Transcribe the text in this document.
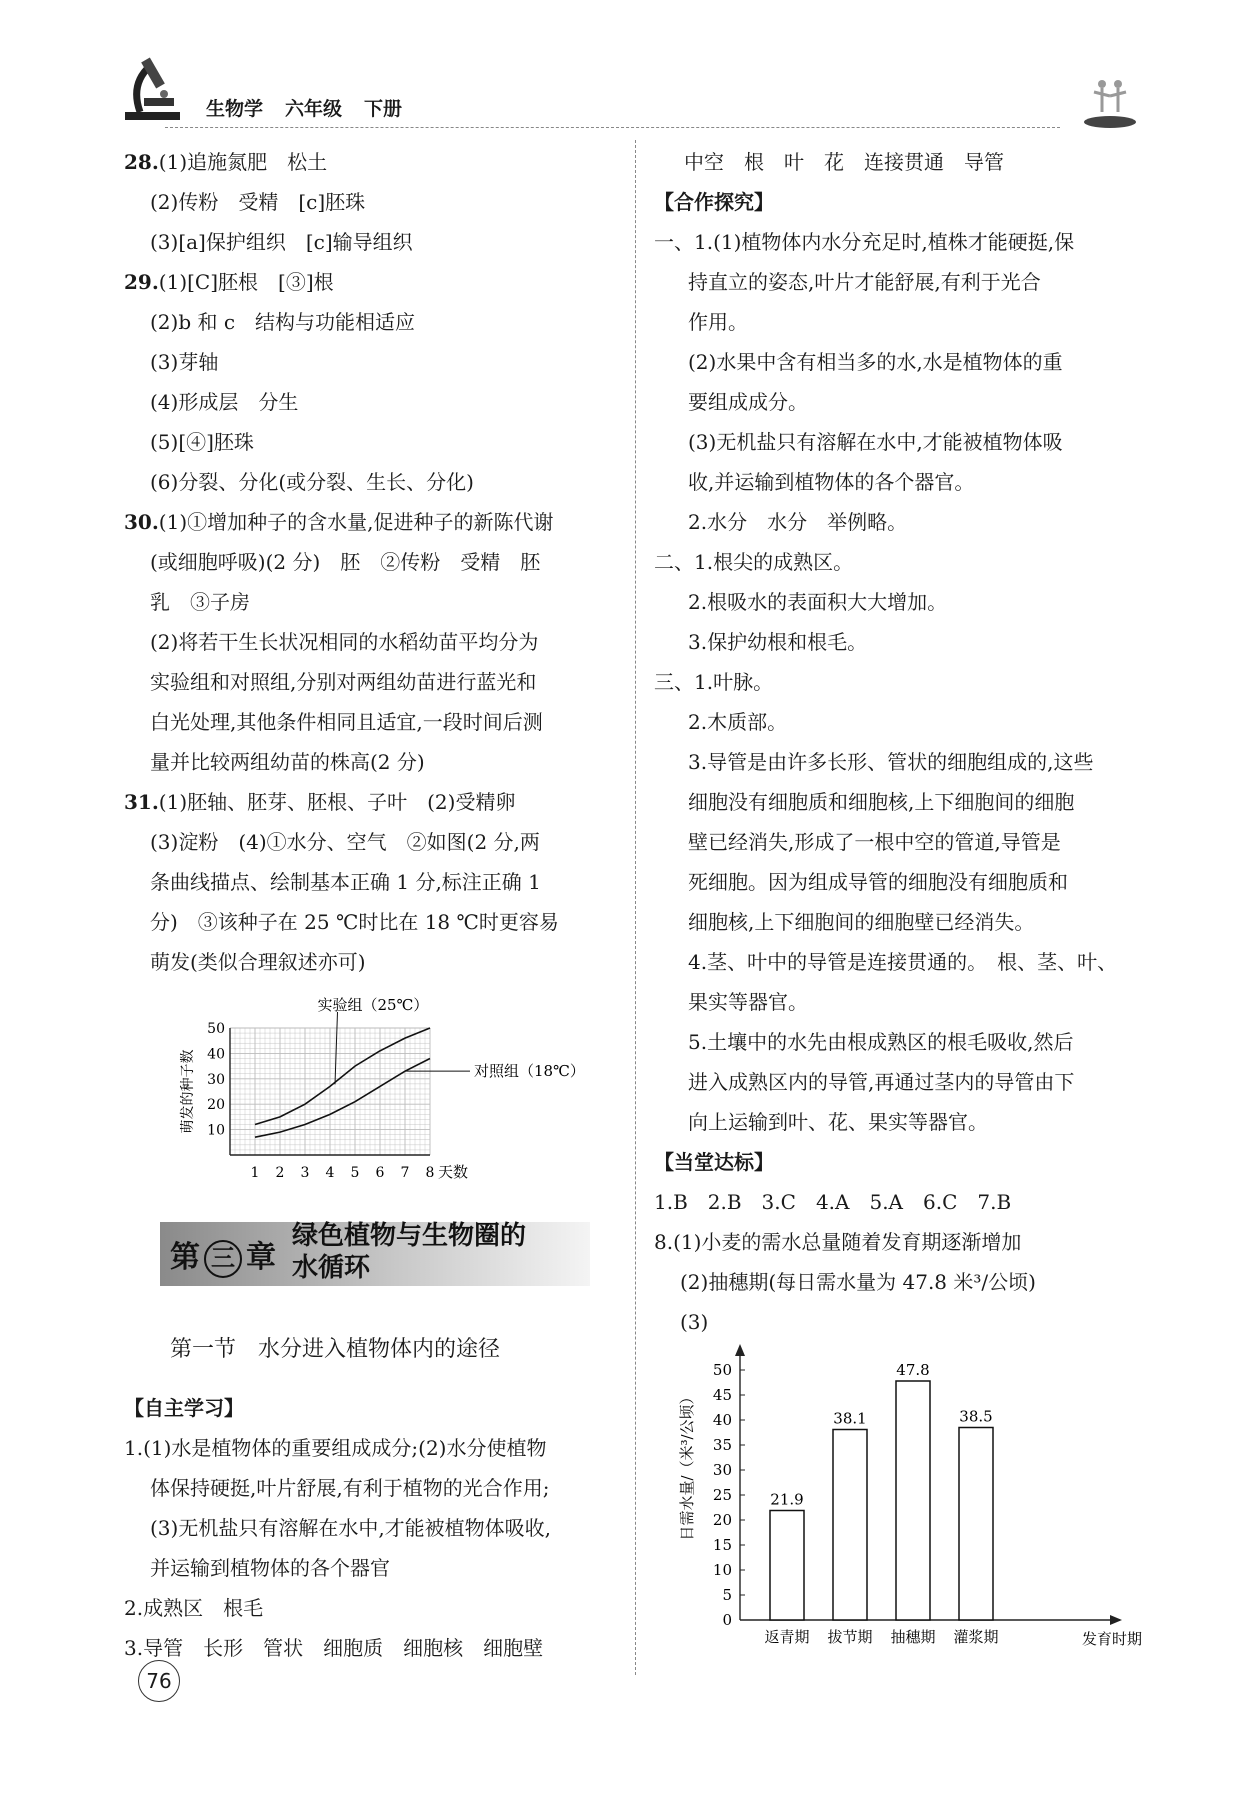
生物学 六年级 下册

28.(1)追施氮肥　松土

(2)传粉　受精　[c]胚珠

(3)[a]保护组织　[c]输导组织

29.(1)[C]胚根　[③]根

(2)b 和 c　结构与功能相适应

(3)芽轴

(4)形成层　分生

(5)[④]胚珠

(6)分裂、分化(或分裂、生长、分化)

30.(1)①增加种子的含水量,促进种子的新陈代谢

(或细胞呼吸)(2 分)　胚　②传粉　受精　胚

乳　③子房

(2)将若干生长状况相同的水稻幼苗平均分为

实验组和对照组,分别对两组幼苗进行蓝光和

白光处理,其他条件相同且适宜,一段时间后测

量并比较两组幼苗的株高(2 分)

31.(1)胚轴、胚芽、胚根、子叶　(2)受精卵

(3)淀粉　(4)①水分、空气　②如图(2 分,两

条曲线描点、绘制基本正确 1 分,标注正确 1

分)　③该种子在 25 ℃时比在 18 ℃时更容易

萌发(类似合理叙述亦可)

10
20
30
40
50
1 2 3 4 5 6 7 8 天数
萌发的种子数
实验组（25℃）
对照组（18℃）
第 三 章
绿色植物与生物圈的
水循环
第一节　水分进入植物体内的途径

【自主学习】

1.(1)水是植物体的重要组成成分;(2)水分使植物

体保持硬挺,叶片舒展,有利于植物的光合作用;

(3)无机盐只有溶解在水中,才能被植物体吸收,

并运输到植物体的各个器官

2.成熟区　根毛

3.导管　长形　管状　细胞质　细胞核　细胞壁

中空　根　叶　花　连接贯通　导管

【合作探究】

一、1.(1)植物体内水分充足时,植株才能硬挺,保

持直立的姿态,叶片才能舒展,有利于光合

作用。

(2)水果中含有相当多的水,水是植物体的重

要组成成分。

(3)无机盐只有溶解在水中,才能被植物体吸

收,并运输到植物体的各个器官。

2.水分　水分　举例略。

二、1.根尖的成熟区。

2.根吸水的表面积大大增加。

3.保护幼根和根毛。

三、1.叶脉。

2.木质部。

3.导管是由许多长形、管状的细胞组成的,这些

细胞没有细胞质和细胞核,上下细胞间的细胞

壁已经消失,形成了一根中空的管道,导管是

死细胞。因为组成导管的细胞没有细胞质和

细胞核,上下细胞间的细胞壁已经消失。

4.茎、叶中的导管是连接贯通的。　根、茎、叶、

果实等器官。

5.土壤中的水先由根成熟区的根毛吸收,然后

进入成熟区内的导管,再通过茎内的导管由下

向上运输到叶、花、果实等器官。

【当堂达标】

1.B　2.B　3.C　4.A　5.A　6.C　7.B

8.(1)小麦的需水总量随着发育期逐渐增加

(2)抽穗期(每日需水量为 47.8 米³/公顷)

(3)

0
5
10
15
20
25
30
35
40
45
50
21.9
返青期
38.1
拔节期
47.8
抽穗期
38.5
灌浆期	发育时期
日需水量/（米³/公顷）
76
